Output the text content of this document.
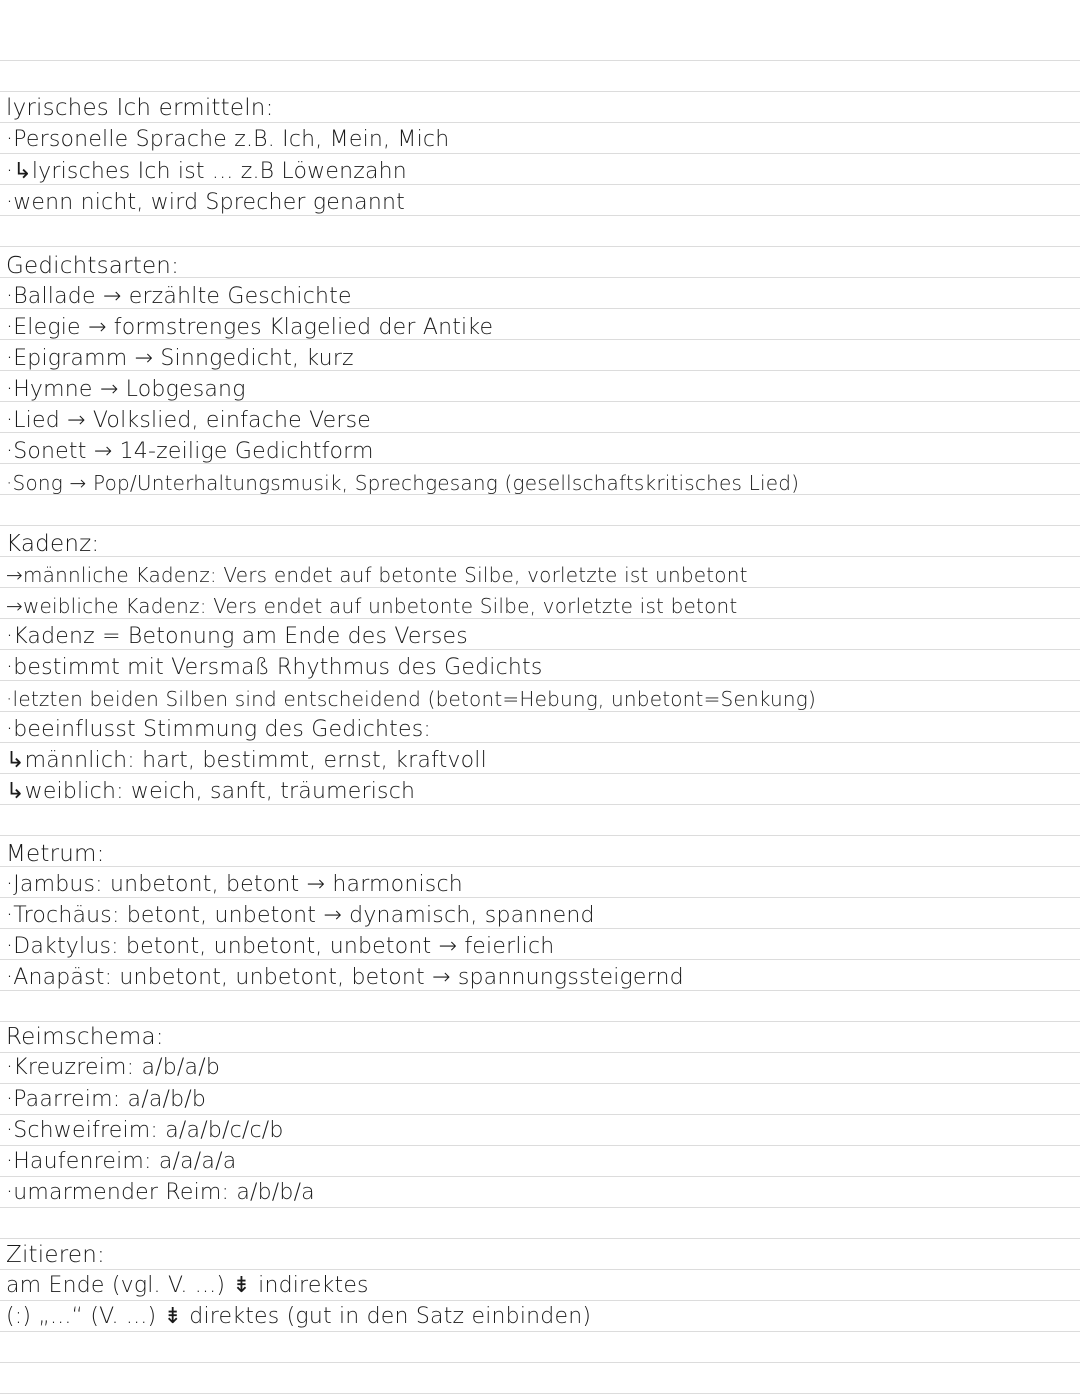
lyrisches Ich ermitteln:
·Personelle Sprache z.B. Ich, Mein, Mich
·↳lyrisches Ich ist ... z.B Löwenzahn
·wenn nicht, wird Sprecher genannt
Gedichtsarten:
·Ballade → erzählte Geschichte
·Elegie → formstrenges Klagelied der Antike
·Epigramm → Sinngedicht, kurz
·Hymne → Lobgesang
·Lied → Volkslied, einfache Verse
·Sonett → 14-zeilige Gedichtform
·Song → Pop/Unterhaltungsmusik, Sprechgesang (gesellschaftskritisches Lied)
Kadenz:
→männliche Kadenz: Vers endet auf betonte Silbe, vorletzte ist unbetont
→weibliche Kadenz: Vers endet auf unbetonte Silbe, vorletzte ist betont
·Kadenz = Betonung am Ende des Verses
·bestimmt mit Versmaß Rhythmus des Gedichts
·letzten beiden Silben sind entscheidend (betont=Hebung, unbetont=Senkung)
·beeinflusst Stimmung des Gedichtes:
↳männlich: hart, bestimmt, ernst, kraftvoll
↳weiblich: weich, sanft, träumerisch
Metrum:
·Jambus: unbetont, betont → harmonisch
·Trochäus: betont, unbetont → dynamisch, spannend
·Daktylus: betont, unbetont, unbetont → feierlich
·Anapäst: unbetont, unbetont, betont → spannungssteigernd
Reimschema:
·Kreuzreim: a/b/a/b
·Paarreim: a/a/b/b
·Schweifreim: a/a/b/c/c/b
·Haufenreim: a/a/a/a
·umarmender Reim: a/b/b/a
Zitieren:
am Ende (vgl. V. ...) ⇟ indirektes
(:) „...“ (V. ...) ⇟ direktes (gut in den Satz einbinden)
